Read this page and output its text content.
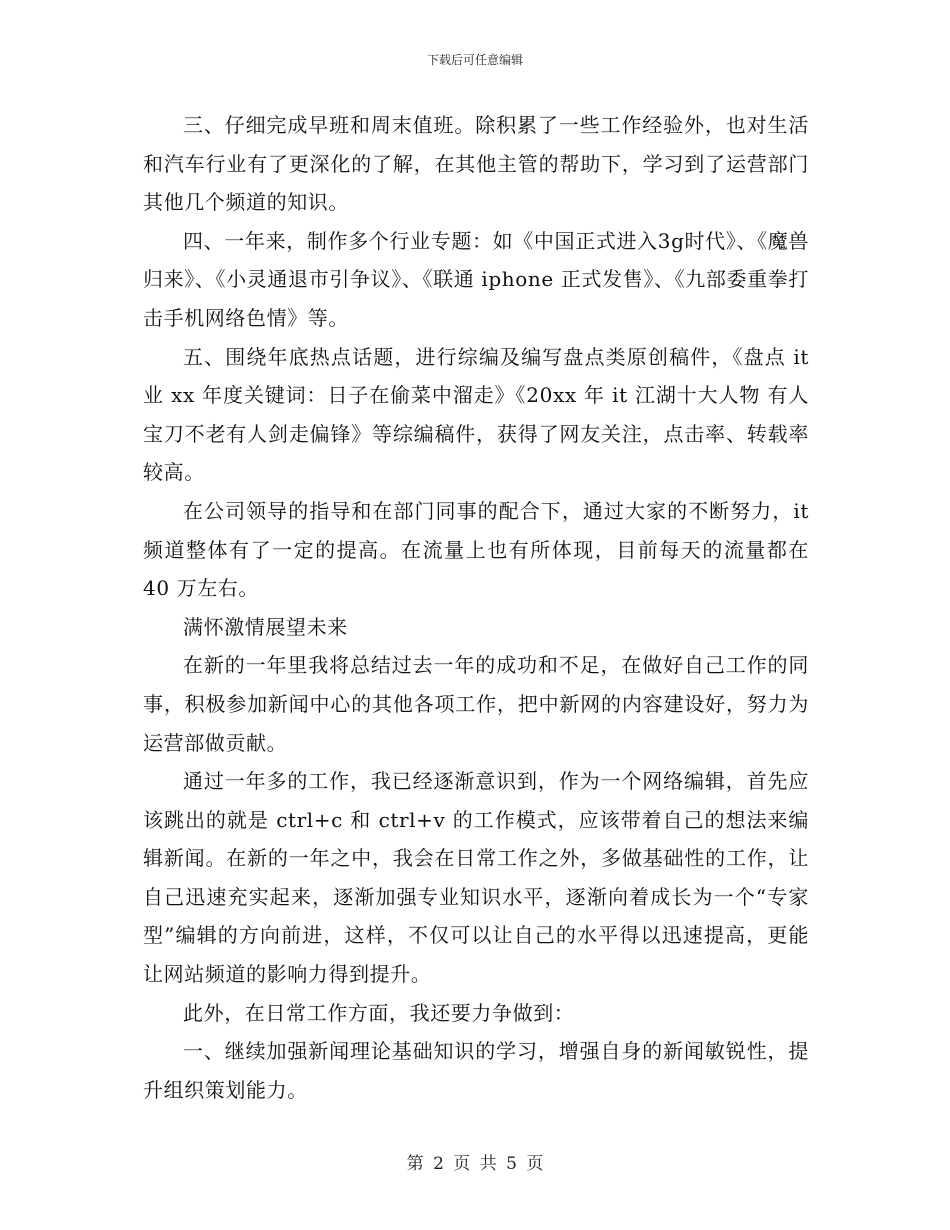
下载后可任意编辑

三、仔细完成早班和周末值班。除积累了一些工作经验外，也对生活和汽车行业有了更深化的了解，在其他主管的帮助下，学习到了运营部门其他几个频道的知识。

四、一年来，制作多个行业专题：如《中国正式进入3g时代》、《魔兽归来》、《小灵通退市引争议》、《联通 iphone 正式发售》、《九部委重拳打击手机网络色情》等。

五、围绕年底热点话题，进行综编及编写盘点类原创稿件，《盘点 it 业 xx 年度关键词：日子在偷菜中溜走》《20xx 年 it 江湖十大人物 有人宝刀不老有人剑走偏锋》等综编稿件，获得了网友关注，点击率、转载率较高。

在公司领导的指导和在部门同事的配合下，通过大家的不断努力，it 频道整体有了一定的提高。在流量上也有所体现，目前每天的流量都在 40 万左右。

满怀激情展望未来

在新的一年里我将总结过去一年的成功和不足，在做好自己工作的同事，积极参加新闻中心的其他各项工作，把中新网的内容建设好，努力为运营部做贡献。

通过一年多的工作，我已经逐渐意识到，作为一个网络编辑，首先应该跳出的就是 ctrl+c 和 ctrl+v 的工作模式，应该带着自己的想法来编辑新闻。在新的一年之中，我会在日常工作之外，多做基础性的工作，让自己迅速充实起来，逐渐加强专业知识水平，逐渐向着成长为一个“专家型”编辑的方向前进，这样，不仅可以让自己的水平得以迅速提高，更能让网站频道的影响力得到提升。

此外，在日常工作方面，我还要力争做到：

一、继续加强新闻理论基础知识的学习，增强自身的新闻敏锐性，提升组织策划能力。

第 2 页 共 5 页
